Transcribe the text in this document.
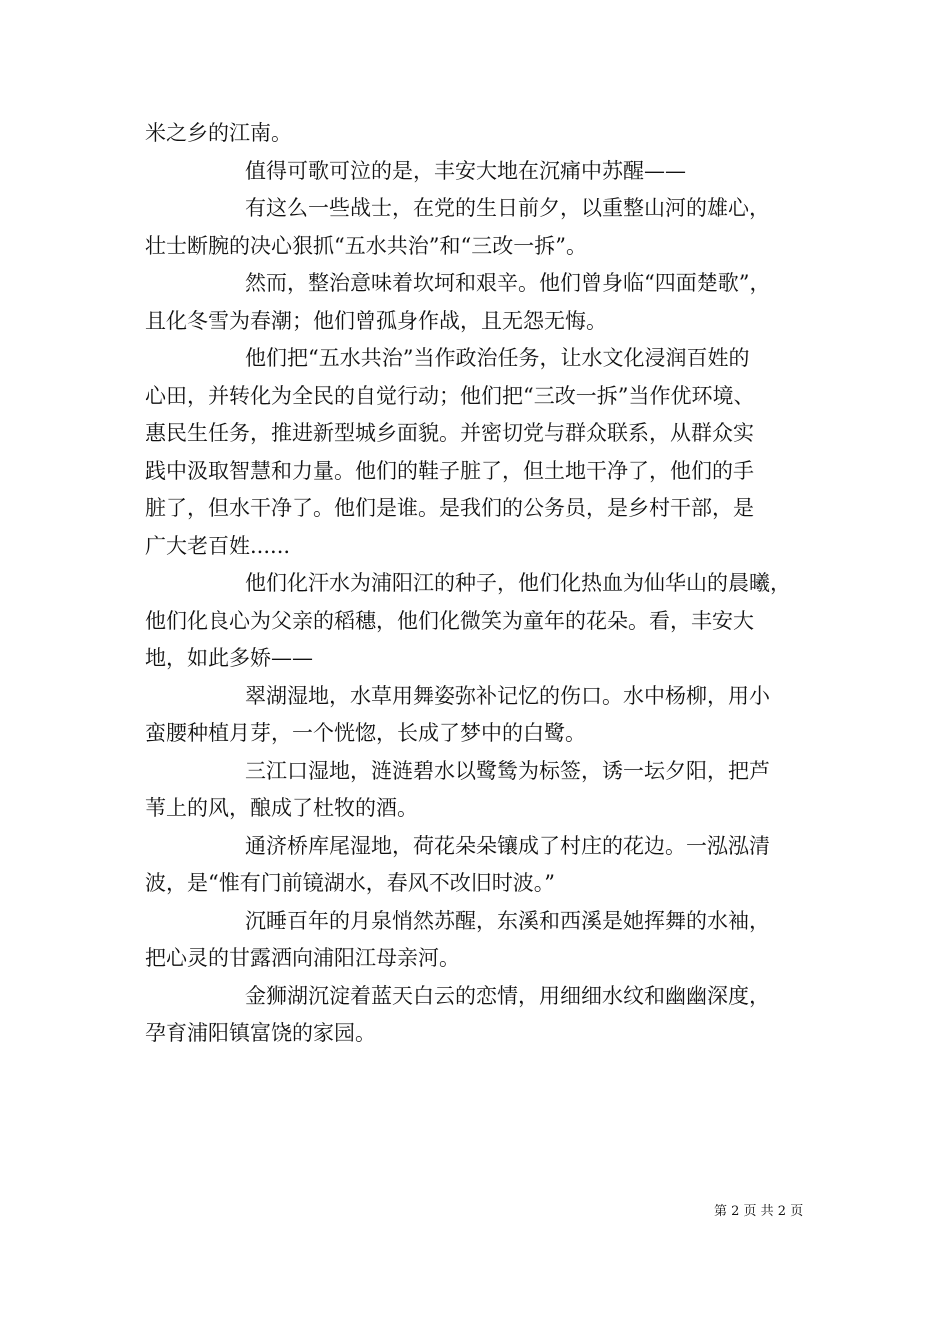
米之乡的江南。
值得可歌可泣的是，丰安大地在沉痛中苏醒——
有这么一些战士，在党的生日前夕，以重整山河的雄心，
壮士断腕的决心狠抓“五水共治”和“三改一拆”。
然而，整治意味着坎坷和艰辛。他们曾身临“四面楚歌”，
且化冬雪为春潮；他们曾孤身作战，且无怨无悔。
他们把“五水共治”当作政治任务，让水文化浸润百姓的
心田，并转化为全民的自觉行动；他们把“三改一拆”当作优环境、
惠民生任务，推进新型城乡面貌。并密切党与群众联系，从群众实
践中汲取智慧和力量。他们的鞋子脏了，但土地干净了，他们的手
脏了，但水干净了。他们是谁。是我们的公务员，是乡村干部，是
广大老百姓......
他们化汗水为浦阳江的种子，他们化热血为仙华山的晨曦，
他们化良心为父亲的稻穗，他们化微笑为童年的花朵。看，丰安大
地，如此多娇——
翠湖湿地，水草用舞姿弥补记忆的伤口。水中杨柳，用小
蛮腰种植月芽，一个恍惚，长成了梦中的白鹭。
三江口湿地，涟涟碧水以鹭鸶为标签，诱一坛夕阳，把芦
苇上的风，酿成了杜牧的酒。
通济桥库尾湿地，荷花朵朵镶成了村庄的花边。一泓泓清
波，是“惟有门前镜湖水，春风不改旧时波。”
沉睡百年的月泉悄然苏醒，东溪和西溪是她挥舞的水袖，
把心灵的甘露洒向浦阳江母亲河。
金狮湖沉淀着蓝天白云的恋情，用细细水纹和幽幽深度，
孕育浦阳镇富饶的家园。
第 2 页 共 2 页
